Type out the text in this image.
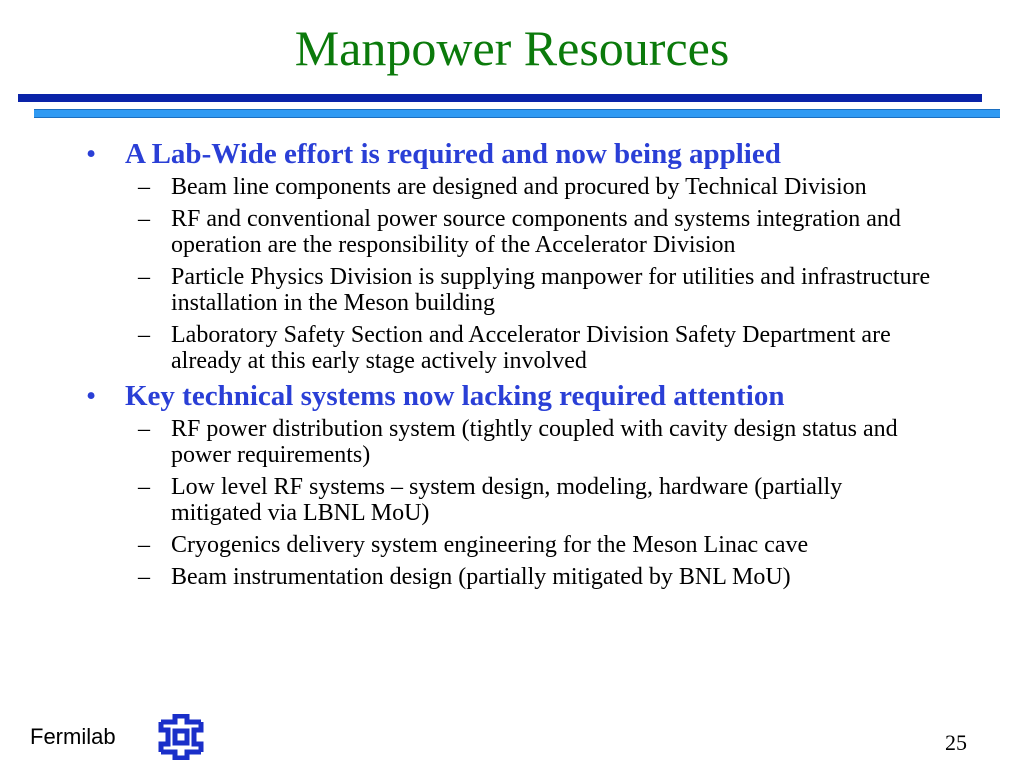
Manpower Resources
• A Lab-Wide effort is required and now being applied
– Beam line components are designed and procured by Technical Division
– RF and conventional power source components and systems integration and operation are the responsibility of the Accelerator Division
– Particle Physics Division is supplying manpower for utilities and infrastructure installation in the Meson building
– Laboratory Safety Section and Accelerator Division Safety Department are already at this early stage actively involved
• Key technical systems now lacking required attention
– RF power distribution system (tightly coupled with cavity design status and power requirements)
– Low level RF systems – system design, modeling, hardware (partially mitigated via LBNL MoU)
– Cryogenics delivery system engineering for the Meson Linac cave
– Beam instrumentation design (partially mitigated by BNL MoU)
Fermilab	25
